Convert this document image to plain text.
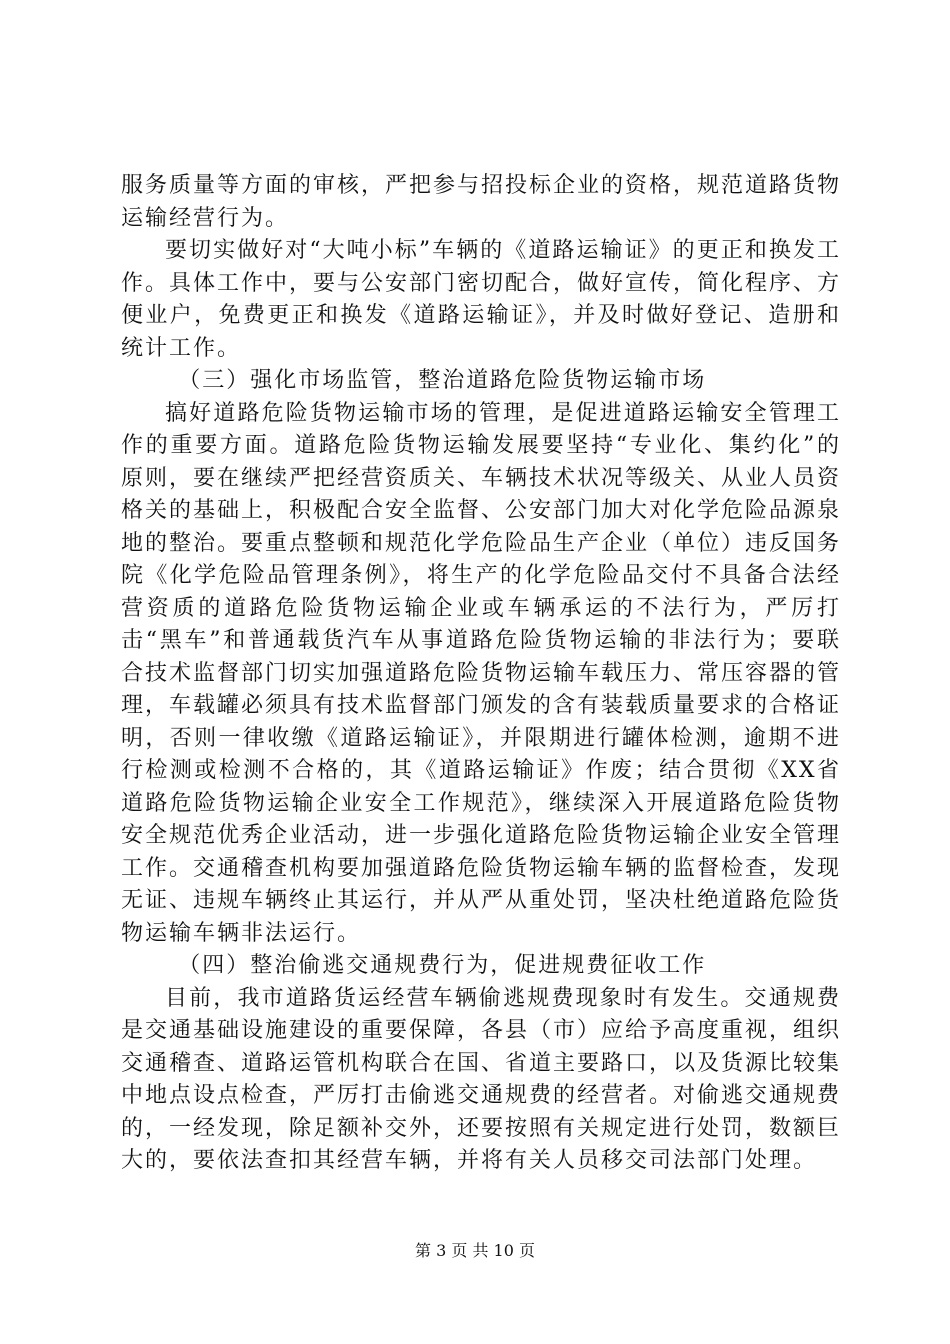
服务质量等方面的审核，严把参与招投标企业的资格，规范道路货物运输经营行为。

要切实做好对“大吨小标”车辆的《道路运输证》的更正和换发工作。具体工作中，要与公安部门密切配合，做好宣传，简化程序、方便业户，免费更正和换发《道路运输证》，并及时做好登记、造册和统计工作。

（三）强化市场监管，整治道路危险货物运输市场

搞好道路危险货物运输市场的管理，是促进道路运输安全管理工作的重要方面。道路危险货物运输发展要坚持“专业化、集约化”的原则，要在继续严把经营资质关、车辆技术状况等级关、从业人员资格关的基础上，积极配合安全监督、公安部门加大对化学危险品源泉地的整治。要重点整顿和规范化学危险品生产企业（单位）违反国务院《化学危险品管理条例》，将生产的化学危险品交付不具备合法经营资质的道路危险货物运输企业或车辆承运的不法行为，严厉打击“黑车”和普通载货汽车从事道路危险货物运输的非法行为；要联合技术监督部门切实加强道路危险货物运输车载压力、常压容器的管理，车载罐必须具有技术监督部门颁发的含有装载质量要求的合格证明，否则一律收缴《道路运输证》，并限期进行罐体检测，逾期不进行检测或检测不合格的，其《道路运输证》作废；结合贯彻《XX省道路危险货物运输企业安全工作规范》，继续深入开展道路危险货物安全规范优秀企业活动，进一步强化道路危险货物运输企业安全管理工作。交通稽查机构要加强道路危险货物运输车辆的监督检查，发现无证、违规车辆终止其运行，并从严从重处罚，坚决杜绝道路危险货物运输车辆非法运行。

（四）整治偷逃交通规费行为，促进规费征收工作

目前，我市道路货运经营车辆偷逃规费现象时有发生。交通规费是交通基础设施建设的重要保障，各县（市）应给予高度重视，组织交通稽查、道路运管机构联合在国、省道主要路口，以及货源比较集中地点设点检查，严厉打击偷逃交通规费的经营者。对偷逃交通规费的，一经发现，除足额补交外，还要按照有关规定进行处罚，数额巨大的，要依法查扣其经营车辆，并将有关人员移交司法部门处理。

第 3 页 共 10 页
